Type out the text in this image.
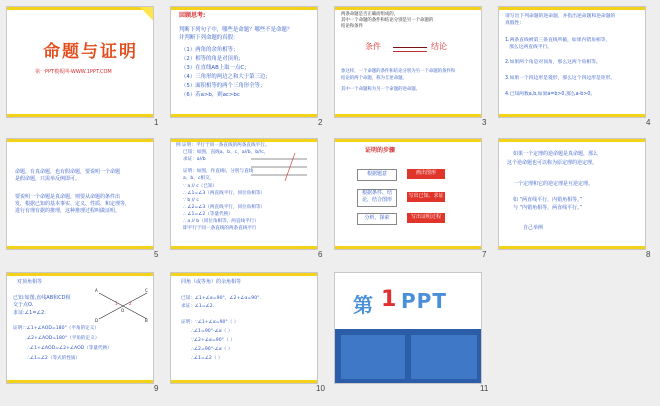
命题与证明
第一PPT模板网-WWW.1PPT.COM
1
回顾思考:
判断下列句子中，哪些是命题？哪些不是命题？
并判断下列命题的真假：
（1）两角的余角相等；
（2）相等的角是对顶角；
（3）在直线AB上取一点C；
（4）三角形的两边之和大于第三边；
（5）面积相等的两个三角形全等；
（6）若a>b，则ac>bc
2
两条命题是否正确而组成的，
其中一个命题的条件和结论分别是另一个命题的
结论和条件
条件	结论
象这样，一个命题的条件和结论分别为另一个命题的条件和
结论的两个命题，称为互逆命题。
其中一个命题称为另一个命题的逆命题。
3
请写出下列命题的逆命题，并指出逆命题和逆命题的
真假性：
1.两条直线被第三条直线所截，如果内错角相等，
那么这两直线平行。
2.如果两个角是对顶角，那么这两个角相等。
3.如果一个四边形是菱形，那么这个四边形是矩形。
4.已知两数a,b,如果a=b>0,那么a-b>0。
4
命题，有真命题，也有假命题，要说明一个命题
是假命题，只需举反例即可。
要说明一个命题是真命题，则要从命题的条件出
发，根据已知的基本事实、定义、性质、和定理等，
进行有理有据的推理，这种推理过程叫做证明。
5
例 证明：平行于同一条直线的两条直线平行。
已知：如图，直线a、b、c，a//b，b//c，
求证：a//b
证明：如图，作直线l，分别与直线
a、b、c相交。
∵ a // c（已知）
∴ ∠1=∠3（两直线平行，同位角相等）
∵ b // c
∴ ∠2=∠3（两直线平行，同位角相等）
∴ ∠1=∠2（等量代换）
∴ a // b（同位角相等，两直线平行）
即平行于同一条直线的两条直线平行
6
证明的步骤
根据题意	画出图形
根据条件、结论，结合图形
写出已知、求证
分析、探索	写出证明过程
7
如果一个定理的逆命题是真命题，那么
这个逆命题也可以称为原定理的逆定理。
一个定理和它的逆定理是互逆定理。
如 “两直线平行，内错角相等。”
与 “内错角相等，两直线平行。”
自己举例
8
对顶角相等
已知:如图,直线AB和CD相
交于点O.
求证:∠1=∠2.
A	C
D	B
O
1	2
证明:∵∠1+∠AOD=180°（平角的定义）
∠2+∠AOD=180°（平角的定义）
∴∠1+∠AOD=∠2+∠AOD（等量代换）
∴∠1=∠2（等式的性质）
9
同角（或等角）的余角相等
已知：∠1+∠α=90°，∠2+∠α=90°.
求证：∠1=∠2.
证明：∵∠1+∠α=90°（ ）
∴∠1=90°-∠α（ ）
∵∠2+∠α=90°（ ）
∴∠2=90°-∠α（ ）
∴∠1=∠2（ ）
10
第 1 PPT
11
